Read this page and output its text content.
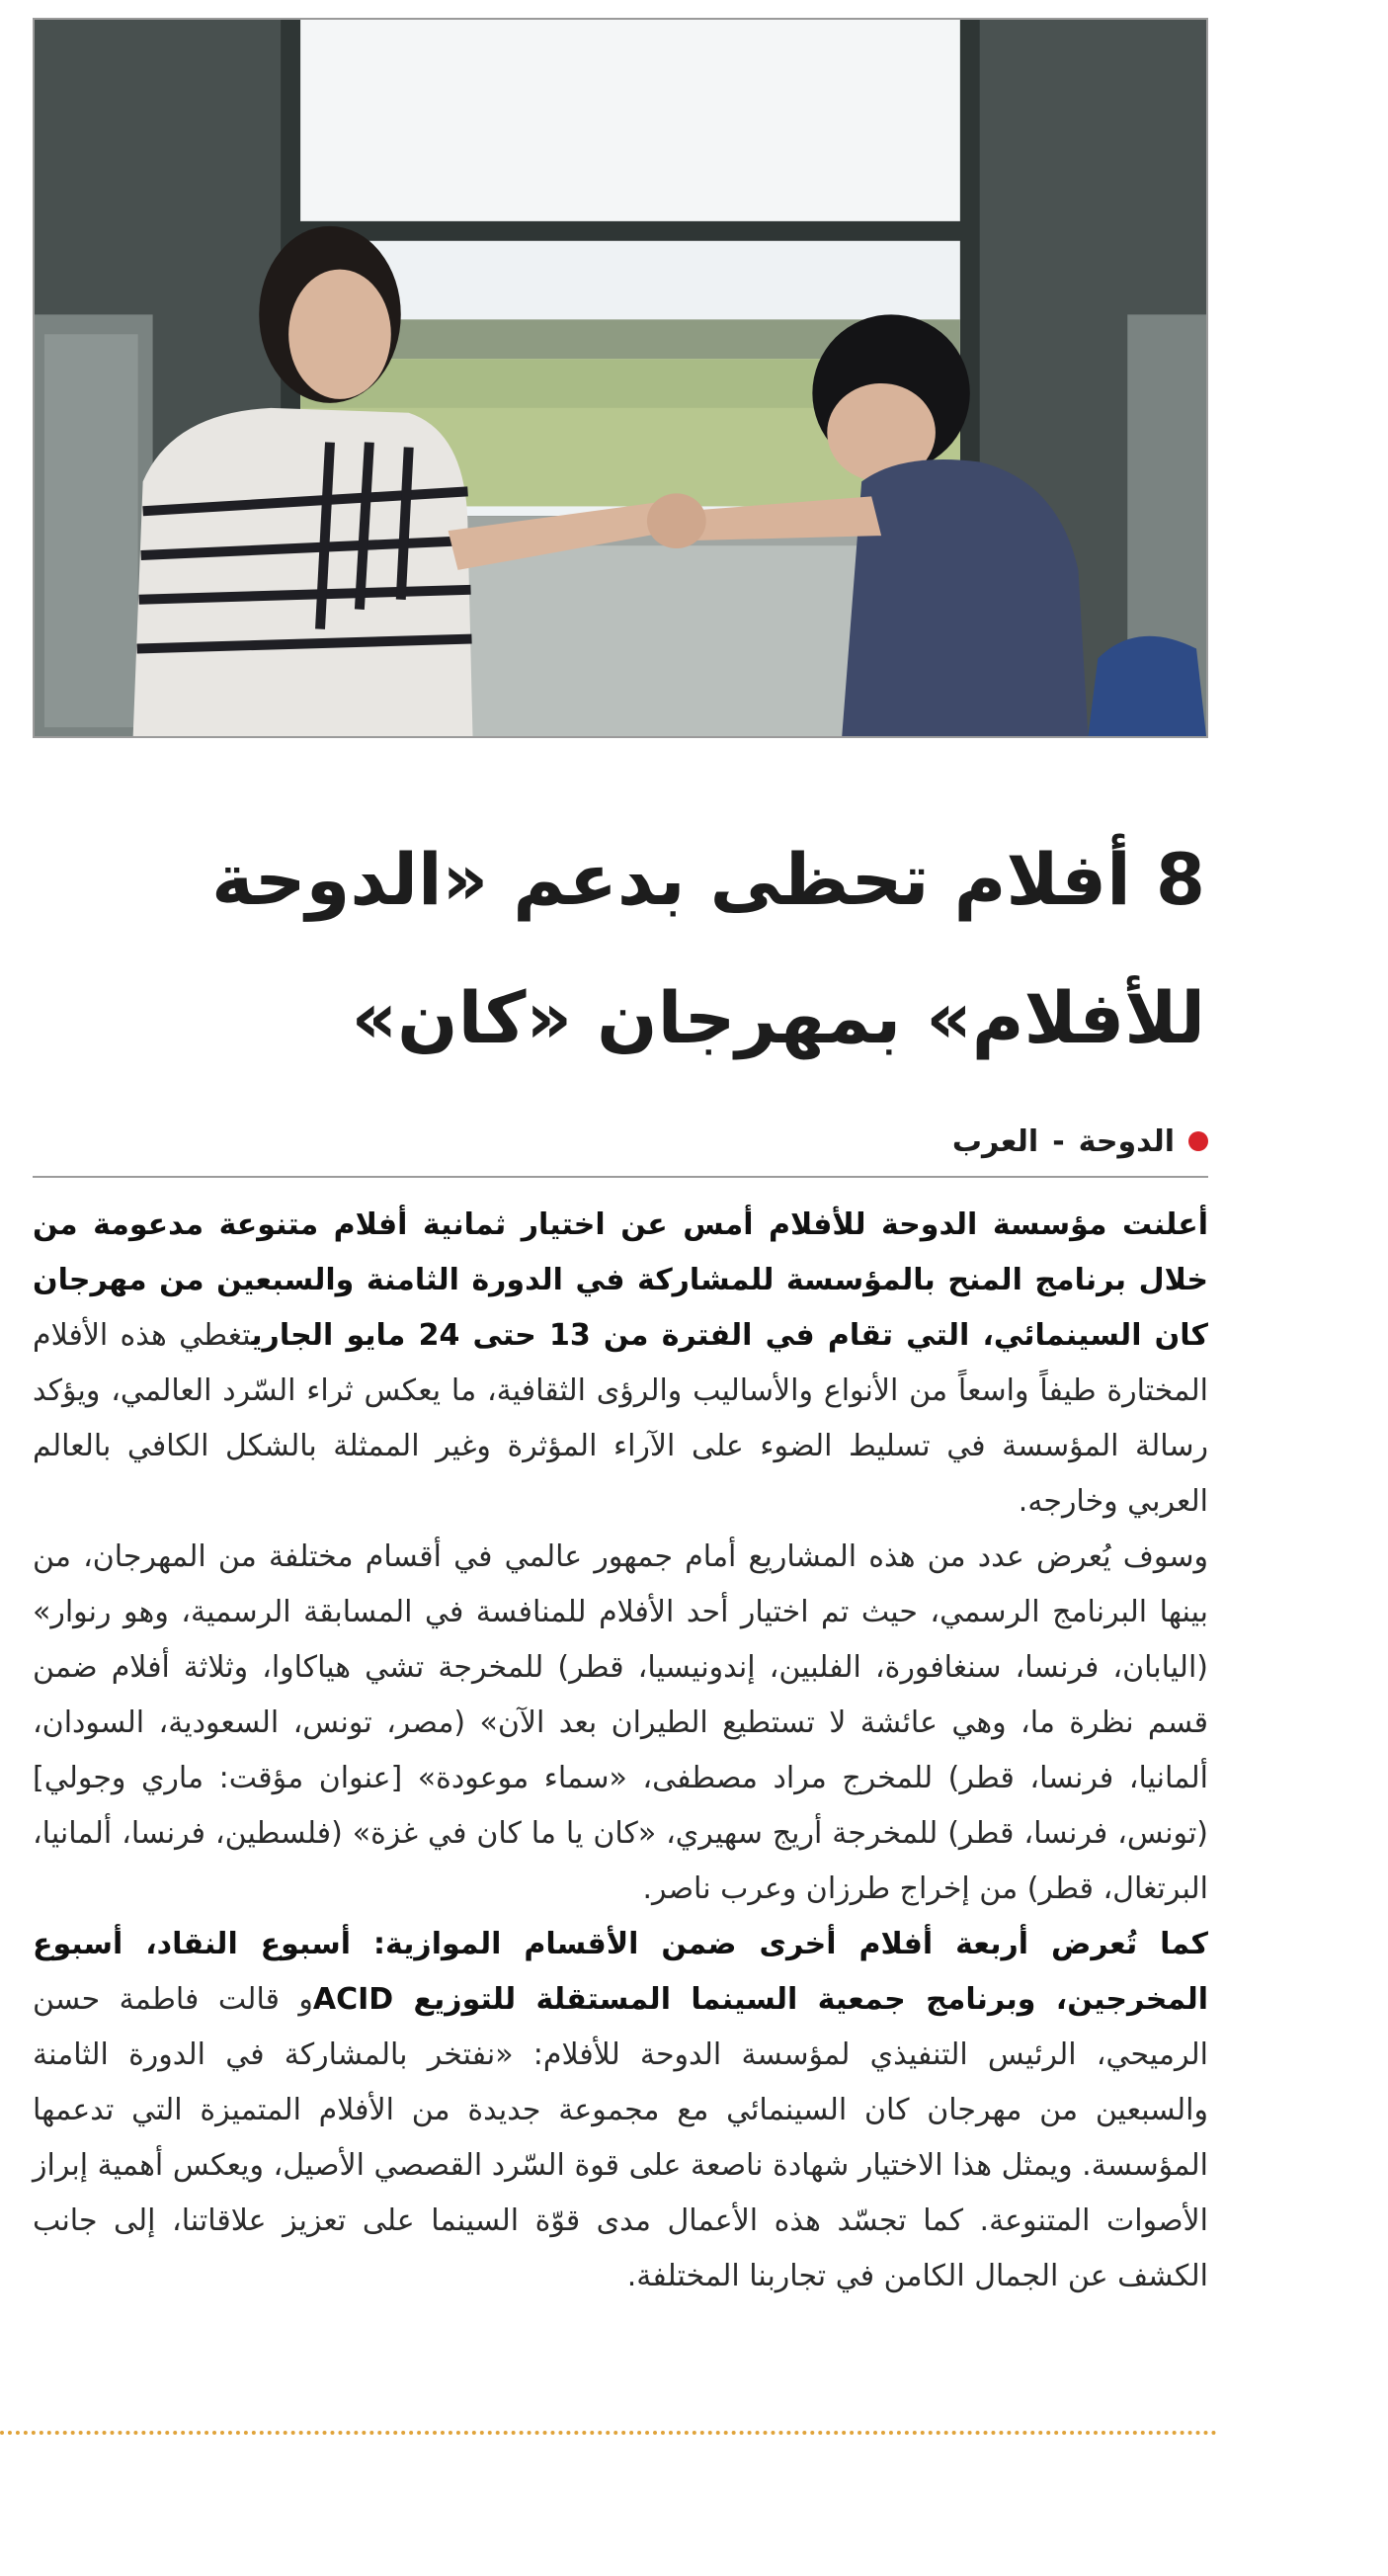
8 أفلام تحظى بدعم «الدوحة للأفلام» بمهرجان «كان»
الدوحة
-
العرب

أعلنت مؤسسة الدوحة للأفلام أمس عن اختيار ثمانية أفلام متنوعة مدعومة من خلال برنامج المنح بالمؤسسة للمشاركة في الدورة الثامنة والسبعين من مهرجان كان السينمائي، التي تقام في الفترة من 13 حتى 24 مايو الجاريتغطي هذه الأفلام المختارة طيفاً واسعاً من الأنواع والأساليب والرؤى الثقافية، ما يعكس ثراء السّرد العالمي، ويؤكد رسالة المؤسسة في تسليط الضوء على الآراء المؤثرة وغير الممثلة بالشكل الكافي بالعالم العربي وخارجه.

وسوف يُعرض عدد من هذه المشاريع أمام جمهور عالمي في أقسام مختلفة من المهرجان، من بينها البرنامج الرسمي، حيث تم اختيار أحد الأفلام للمنافسة في المسابقة الرسمية، وهو رنوار» (اليابان، فرنسا، سنغافورة، الفلبين، إندونيسيا، قطر) للمخرجة تشي هياكاوا، وثلاثة أفلام ضمن قسم نظرة ما، وهي عائشة لا تستطيع الطيران بعد الآن» (مصر، تونس، السعودية، السودان، ألمانيا، فرنسا، قطر) للمخرج مراد مصطفى، «سماء موعودة» [عنوان مؤقت: ماري وجولي] (تونس، فرنسا، قطر) للمخرجة أريج سهيري، «كان يا ما كان في غزة» (فلسطين، فرنسا، ألمانيا، البرتغال، قطر) من إخراج طرزان وعرب ناصر.

كما تُعرض أربعة أفلام أخرى ضمن الأقسام الموازية: أسبوع النقاد، أسبوع المخرجين، وبرنامج جمعية السينما المستقلة للتوزيع ACIDو قالت فاطمة حسن الرميحي، الرئيس التنفيذي لمؤسسة الدوحة للأفلام: «نفتخر بالمشاركة في الدورة الثامنة والسبعين من مهرجان كان السينمائي مع مجموعة جديدة من الأفلام المتميزة التي تدعمها المؤسسة. ويمثل هذا الاختيار شهادة ناصعة على قوة السّرد القصصي الأصيل، ويعكس أهمية إبراز الأصوات المتنوعة. كما تجسّد هذه الأعمال مدى قوّة السينما على تعزيز علاقاتنا، إلى جانب الكشف عن الجمال الكامن في تجاربنا المختلفة.
